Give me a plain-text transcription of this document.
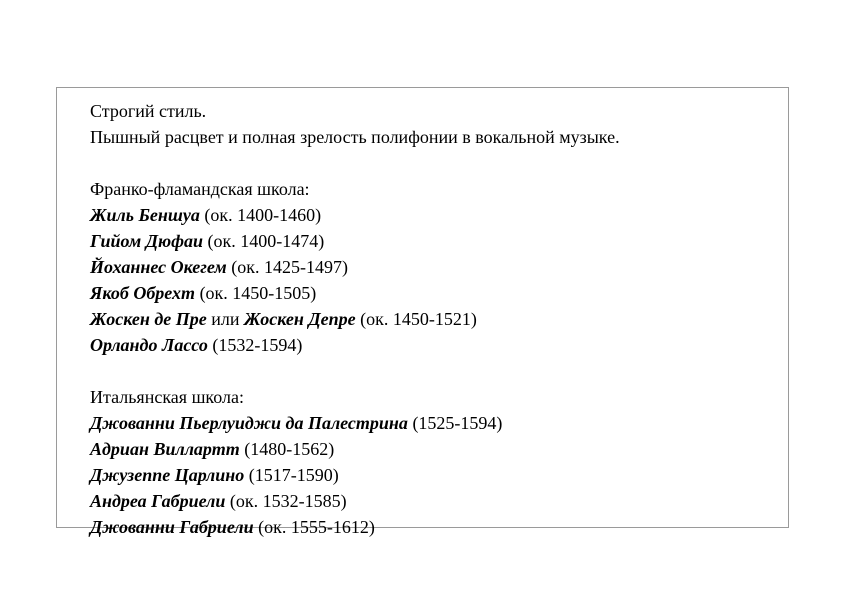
Строгий стиль.
Пышный расцвет и полная зрелость полифонии в вокальной музыке.
Франко-фламандская школа:
Жиль Беншуа (ок. 1400-1460)
Гийом Дюфаи (ок. 1400-1474)
Йоханнес Окегем (ок. 1425-1497)
Якоб Обрехт (ок. 1450-1505)
Жоскен де Пре или Жоскен Депре (ок. 1450-1521)
Орландо Лассо (1532-1594)
Итальянская школа:
Джованни Пьерлуиджи да Палестрина (1525-1594)
Адриан Виллартт (1480-1562)
Джузеппе Царлино (1517-1590)
Андреа Габриели (ок. 1532-1585)
Джованни Габриели (ок. 1555-1612)
